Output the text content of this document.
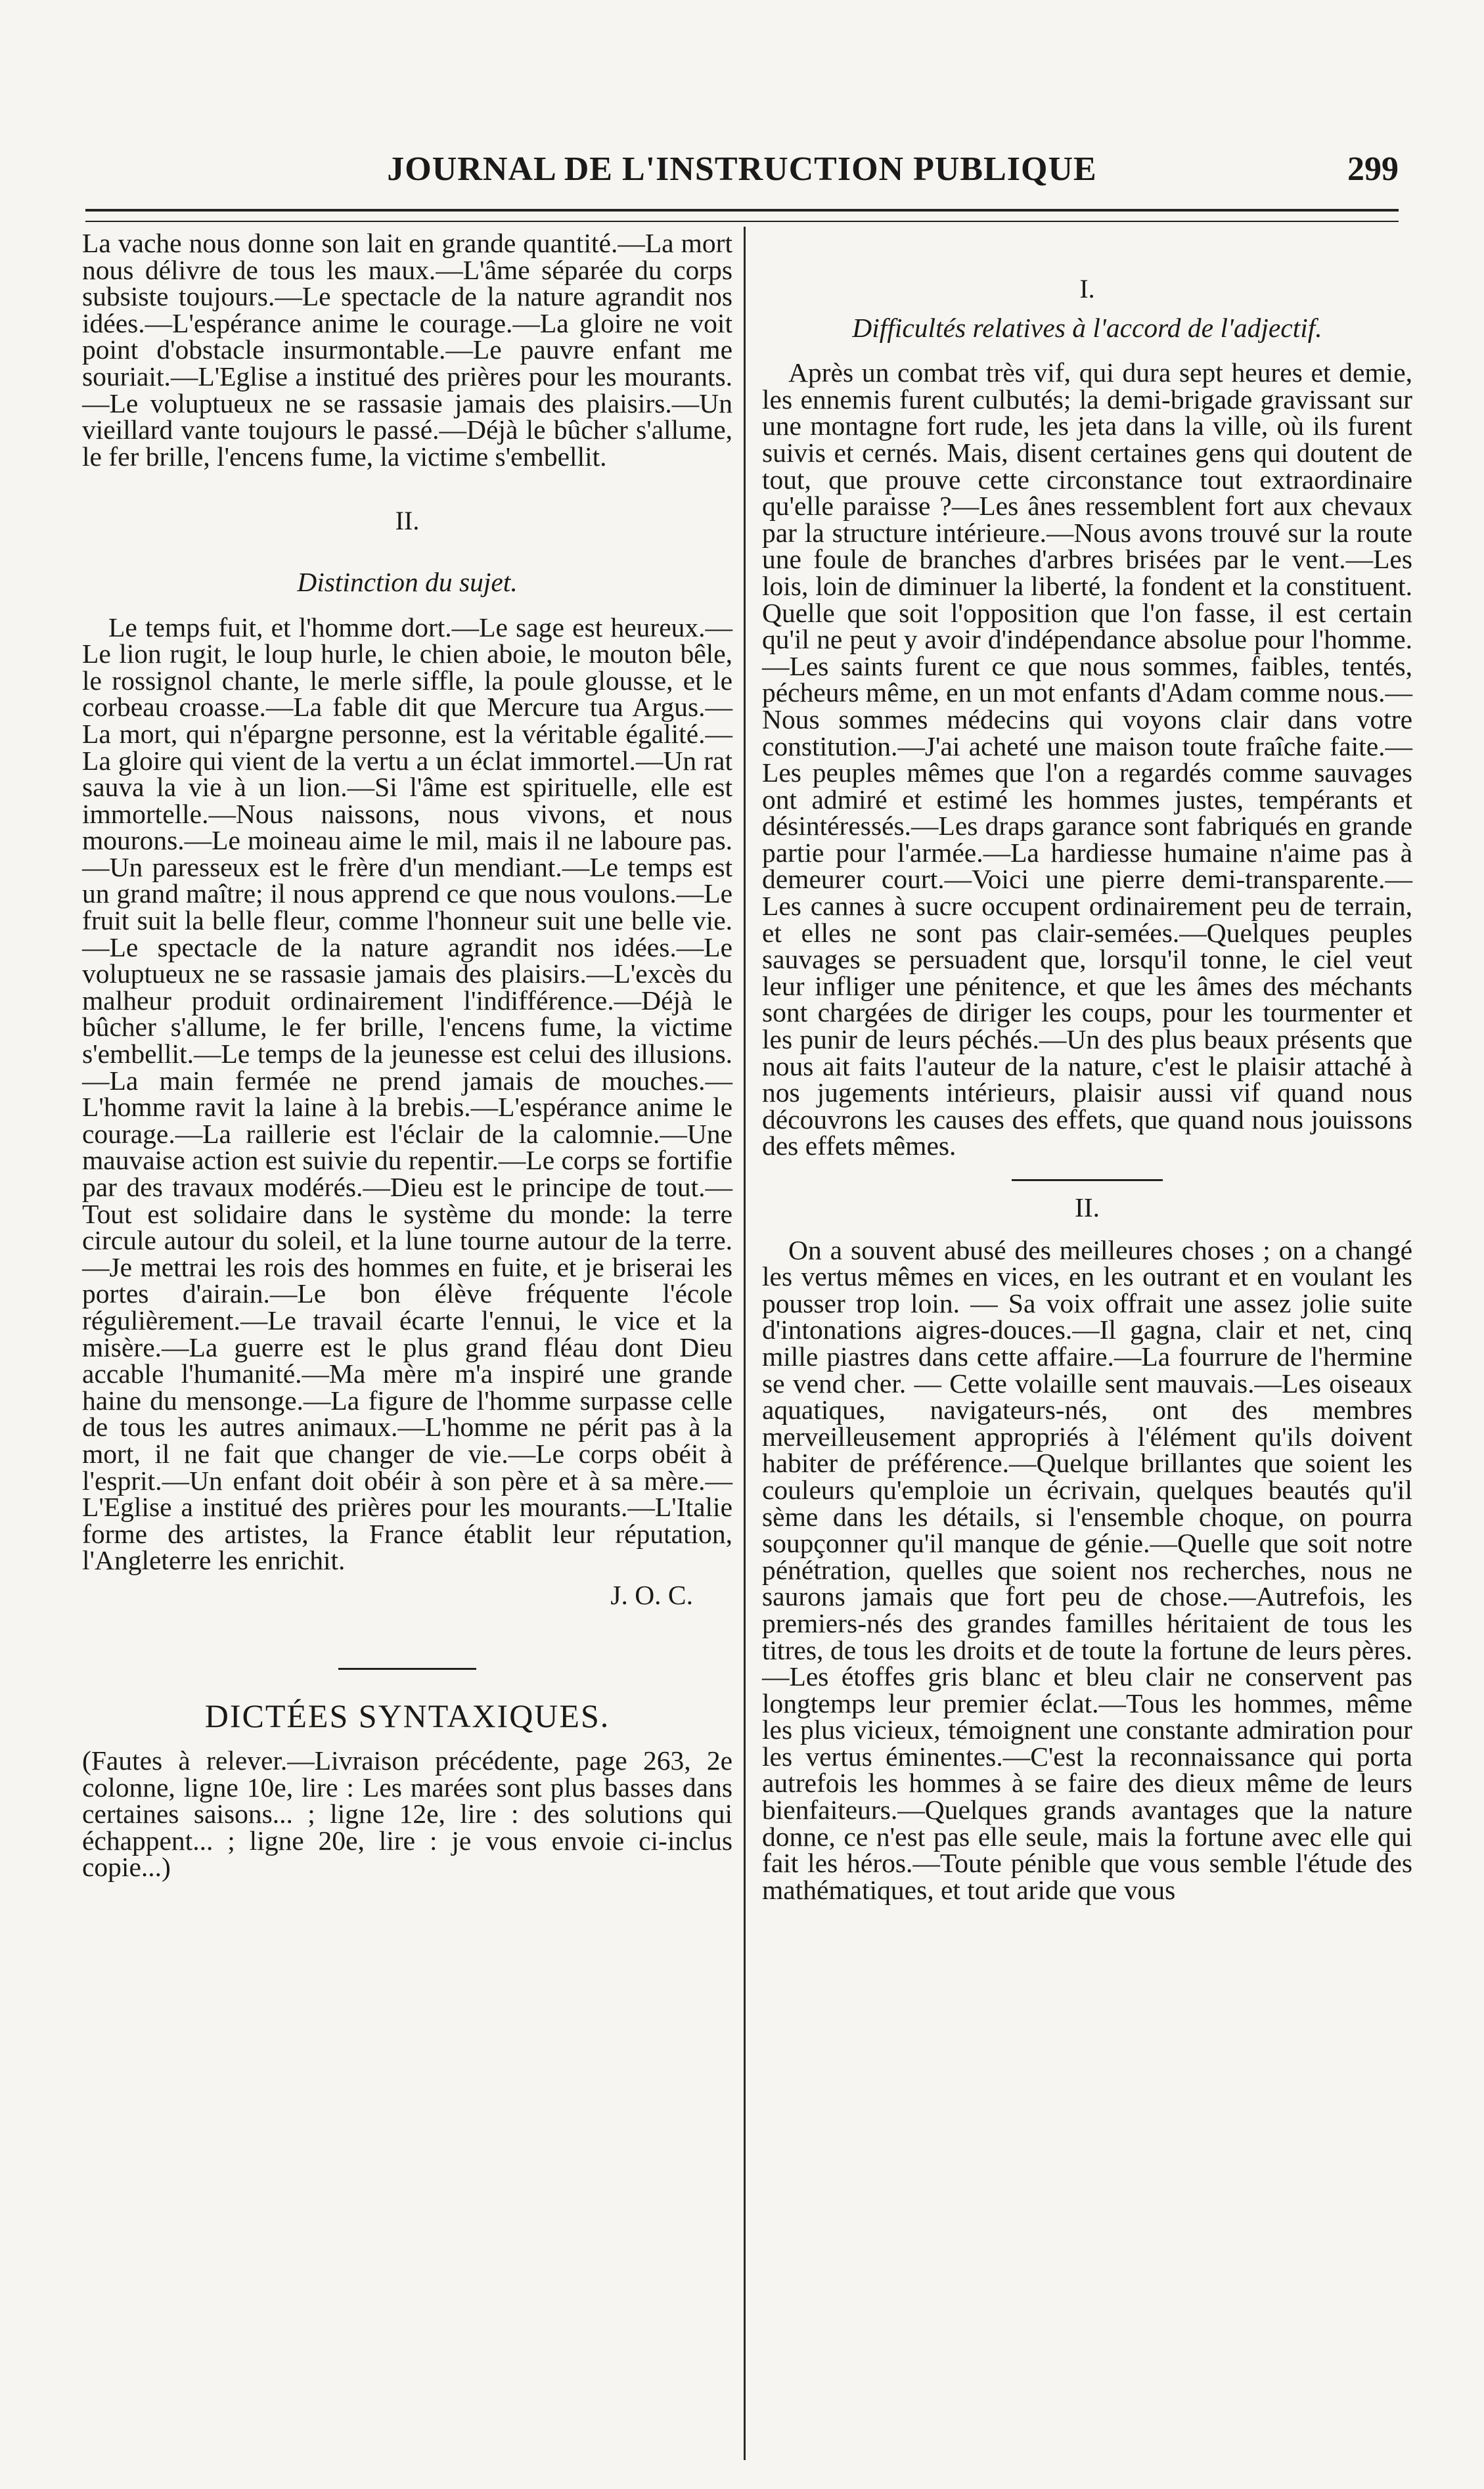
JOURNAL DE L'INSTRUCTION PUBLIQUE	299

La vache nous donne son lait en grande quantité.—La mort nous délivre de tous les maux.—L'âme séparée du corps subsiste toujours.—Le spectacle de la nature agrandit nos idées.—L'espérance anime le courage.—La gloire ne voit point d'obstacle insurmontable.—Le pauvre enfant me souriait.—L'Eglise a institué des prières pour les mourants.—Le voluptueux ne se rassasie jamais des plaisirs.—Un vieillard vante toujours le passé.—Déjà le bûcher s'allume, le fer brille, l'encens fume, la victime s'embellit.

II.
Distinction du sujet.

Le temps fuit, et l'homme dort.—Le sage est heureux.—Le lion rugit, le loup hurle, le chien aboie, le mouton bêle, le rossignol chante, le merle siffle, la poule glousse, et le corbeau croasse.—La fable dit que Mercure tua Argus.—La mort, qui n'épargne personne, est la véritable égalité.—La gloire qui vient de la vertu a un éclat immortel.—Un rat sauva la vie à un lion.—Si l'âme est spirituelle, elle est immortelle.—Nous naissons, nous vivons, et nous mourons.—Le moineau aime le mil, mais il ne laboure pas.—Un paresseux est le frère d'un mendiant.—Le temps est un grand maître; il nous apprend ce que nous voulons.—Le fruit suit la belle fleur, comme l'honneur suit une belle vie.—Le spectacle de la nature agrandit nos idées.—Le voluptueux ne se rassasie jamais des plaisirs.—L'excès du malheur produit ordinairement l'indifférence.—Déjà le bûcher s'allume, le fer brille, l'encens fume, la victime s'embellit.—Le temps de la jeunesse est celui des illusions.—La main fermée ne prend jamais de mouches.—L'homme ravit la laine à la brebis.—L'espérance anime le courage.—La raillerie est l'éclair de la calomnie.—Une mauvaise action est suivie du repentir.—Le corps se fortifie par des travaux modérés.—Dieu est le principe de tout.—Tout est solidaire dans le système du monde: la terre circule autour du soleil, et la lune tourne autour de la terre.—Je mettrai les rois des hommes en fuite, et je briserai les portes d'airain.—Le bon élève fréquente l'école régulièrement.—Le travail écarte l'ennui, le vice et la misère.—La guerre est le plus grand fléau dont Dieu accable l'humanité.—Ma mère m'a inspiré une grande haine du mensonge.—La figure de l'homme surpasse celle de tous les autres animaux.—L'homme ne périt pas à la mort, il ne fait que changer de vie.—Le corps obéit à l'esprit.—Un enfant doit obéir à son père et à sa mère.—L'Eglise a institué des prières pour les mourants.—L'Italie forme des artistes, la France établit leur réputation, l'Angleterre les enrichit.

J. O. C.
DICTÉES SYNTAXIQUES.

(Fautes à relever.—Livraison précédente, page 263, 2e colonne, ligne 10e, lire : Les marées sont plus basses dans certaines saisons... ; ligne 12e, lire : des solutions qui échappent... ; ligne 20e, lire : je vous envoie ci-inclus copie...)

I.
Difficultés relatives à l'accord de l'adjectif.

Après un combat très vif, qui dura sept heures et demie, les ennemis furent culbutés; la demi-brigade gravissant sur une montagne fort rude, les jeta dans la ville, où ils furent suivis et cernés. Mais, disent certaines gens qui doutent de tout, que prouve cette circonstance tout extraordinaire qu'elle paraisse ?—Les ânes ressemblent fort aux chevaux par la structure intérieure.—Nous avons trouvé sur la route une foule de branches d'arbres brisées par le vent.—Les lois, loin de diminuer la liberté, la fondent et la constituent. Quelle que soit l'opposition que l'on fasse, il est certain qu'il ne peut y avoir d'indépendance absolue pour l'homme.—Les saints furent ce que nous sommes, faibles, tentés, pécheurs même, en un mot enfants d'Adam comme nous.—Nous sommes médecins qui voyons clair dans votre constitution.—J'ai acheté une maison toute fraîche faite.—Les peuples mêmes que l'on a regardés comme sauvages ont admiré et estimé les hommes justes, tempérants et désintéressés.—Les draps garance sont fabriqués en grande partie pour l'armée.—La hardiesse humaine n'aime pas à demeurer court.—Voici une pierre demi-transparente.—Les cannes à sucre occupent ordinairement peu de terrain, et elles ne sont pas clair-semées.—Quelques peuples sauvages se persuadent que, lorsqu'il tonne, le ciel veut leur infliger une pénitence, et que les âmes des méchants sont chargées de diriger les coups, pour les tourmenter et les punir de leurs péchés.—Un des plus beaux présents que nous ait faits l'auteur de la nature, c'est le plaisir attaché à nos jugements intérieurs, plaisir aussi vif quand nous découvrons les causes des effets, que quand nous jouissons des effets mêmes.

II.

On a souvent abusé des meilleures choses ; on a changé les vertus mêmes en vices, en les outrant et en voulant les pousser trop loin. — Sa voix offrait une assez jolie suite d'intonations aigres-douces.—Il gagna, clair et net, cinq mille piastres dans cette affaire.—La fourrure de l'hermine se vend cher. — Cette volaille sent mauvais.—Les oiseaux aquatiques, navigateurs-nés, ont des membres merveilleusement appropriés à l'élément qu'ils doivent habiter de préférence.—Quelque brillantes que soient les couleurs qu'emploie un écrivain, quelques beautés qu'il sème dans les détails, si l'ensemble choque, on pourra soupçonner qu'il manque de génie.—Quelle que soit notre pénétration, quelles que soient nos recherches, nous ne saurons jamais que fort peu de chose.—Autrefois, les premiers-nés des grandes familles héritaient de tous les titres, de tous les droits et de toute la fortune de leurs pères.—Les étoffes gris blanc et bleu clair ne conservent pas longtemps leur premier éclat.—Tous les hommes, même les plus vicieux, témoignent une constante admiration pour les vertus éminentes.—C'est la reconnaissance qui porta autrefois les hommes à se faire des dieux même de leurs bienfaiteurs.—Quelques grands avantages que la nature donne, ce n'est pas elle seule, mais la fortune avec elle qui fait les héros.—Toute pénible que vous semble l'étude des mathématiques, et tout aride que vous
